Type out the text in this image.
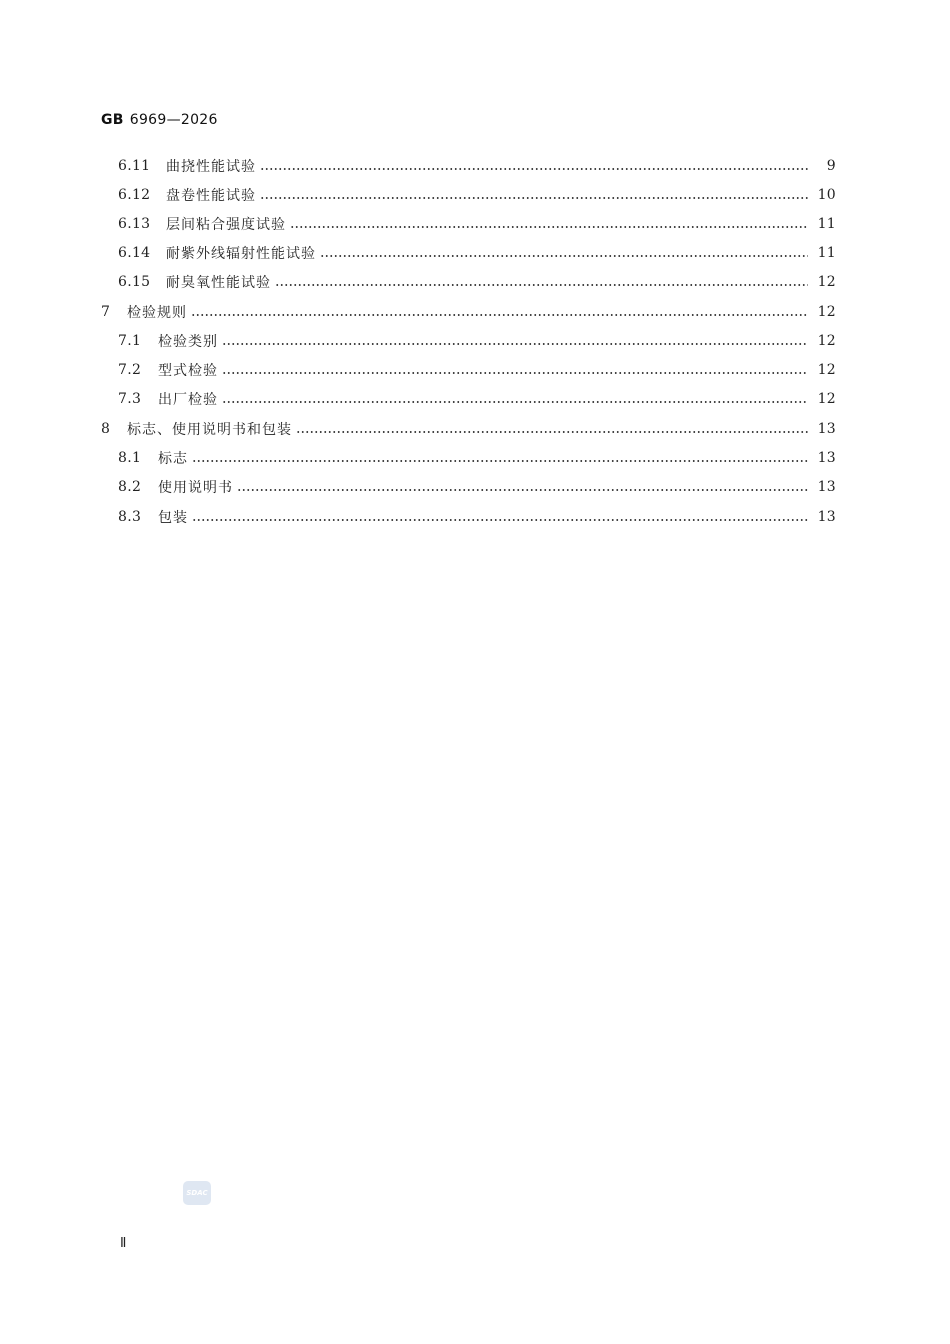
GB 6969—2026
6.11	曲挠性能试验	9
6.12	盘卷性能试验	10
6.13	层间粘合强度试验	11
6.14	耐紫外线辐射性能试验	11
6.15	耐臭氧性能试验	12
7	检验规则	12
7.1	检验类别	12
7.2	型式检验	12
7.3	出厂检验	12
8	标志、使用说明书和包装	13
8.1	标志	13
8.2	使用说明书	13
8.3	包装	13
SDAC
Ⅱ
